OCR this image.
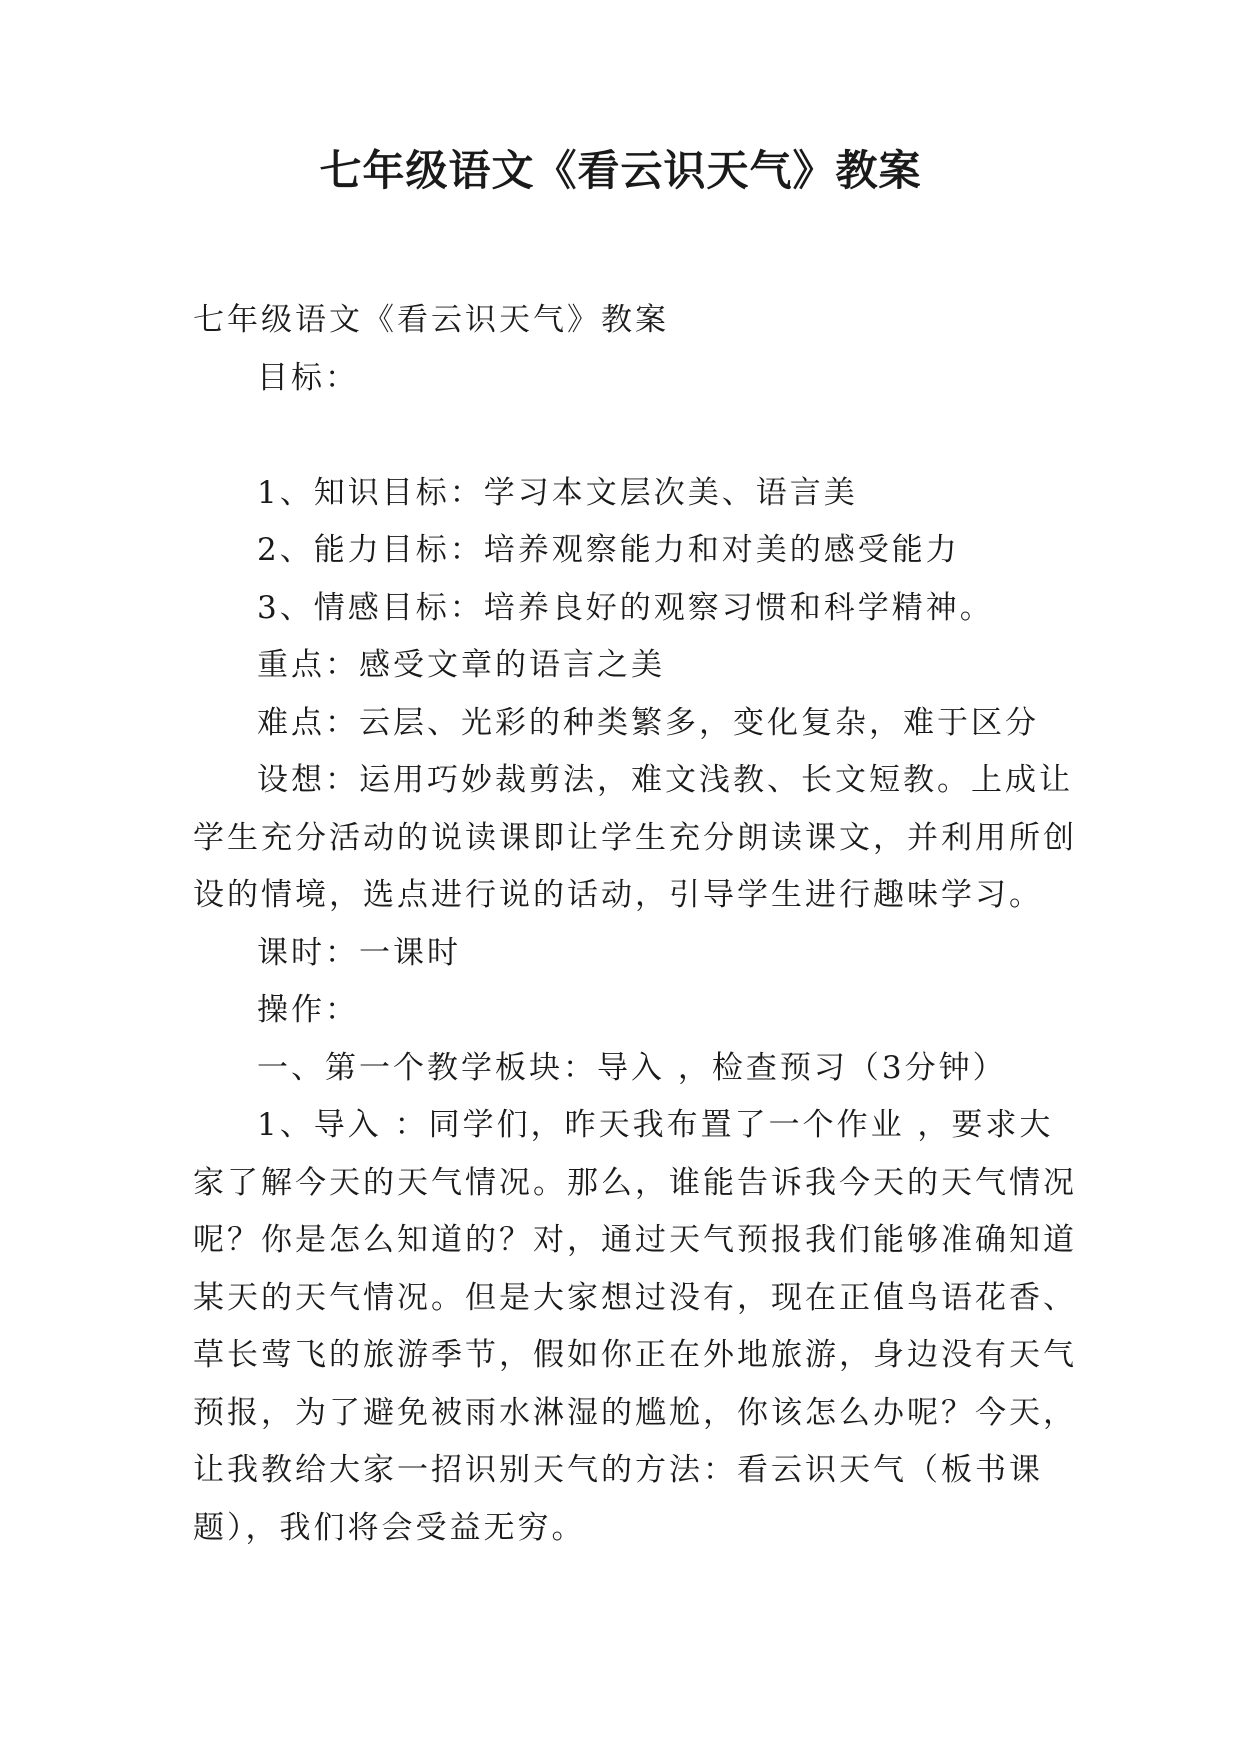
七年级语文《看云识天气》教案

七年级语文《看云识天气》教案

目标：

1、知识目标：学习本文层次美、语言美

2、能力目标：培养观察能力和对美的感受能力

3、情感目标：培养良好的观察习惯和科学精神。

重点：感受文章的语言之美

难点：云层、光彩的种类繁多，变化复杂，难于区分

设想：运用巧妙裁剪法，难文浅教、长文短教。上成让

学生充分活动的说读课即让学生充分朗读课文，并利用所创

设的情境，选点进行说的话动，引导学生进行趣味学习。

课时：一课时

操作：

一、第一个教学板块：导入 ，检查预习（3分钟）

1、导入 ：同学们，昨天我布置了一个作业 ，要求大

家了解今天的天气情况。那么，谁能告诉我今天的天气情况

呢？你是怎么知道的？对，通过天气预报我们能够准确知道

某天的天气情况。但是大家想过没有，现在正值鸟语花香、

草长莺飞的旅游季节，假如你正在外地旅游，身边没有天气

预报，为了避免被雨水淋湿的尴尬，你该怎么办呢？今天，

让我教给大家一招识别天气的方法：看云识天气（板书课

题），我们将会受益无穷。
